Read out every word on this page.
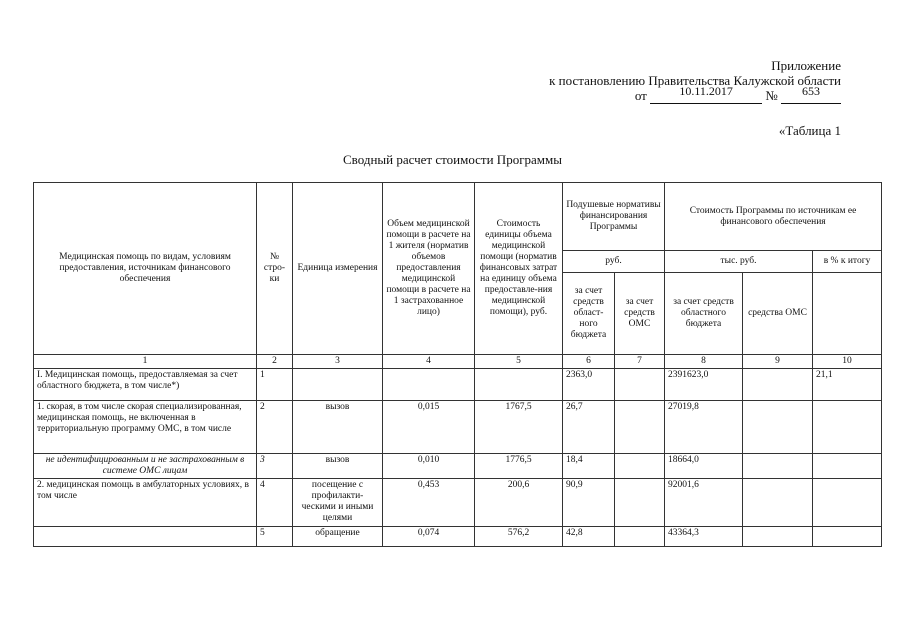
Приложение
к постановлению Правительства Калужской области
от	10.11.2017	№	653
«Таблица 1
Сводный расчет стоимости Программы
Медицинская помощь по видам, условиям предоставления, источникам финансового обеспечения	№ стро-ки	Единица измерения	Объем медицинской помощи в расчете на 1 жителя (норматив объемов предоставления медицинской помощи в расчете на 1 застрахованное лицо)	Стоимость единицы объема медицинской помощи (норматив финансовых затрат на единицу объема предоставле-ния медицинской помощи), руб.	Подушевые нормативы финансирования Программы		Стоимость Программы по источникам ее финансового обеспечения		
					руб.		тыс. руб.		в % к итогу
					за счет средств област-ного бюджета	за счет средств ОМС	за счет средств областного бюджета	средства ОМС	
1	2	3	4	5	6	7	8	9	10
I. Медицинская помощь, предоставляемая за счет областного бюджета, в том числе*)	1				2363,0		2391623,0		21,1
1. скорая, в том числе скорая специализированная, медицинская помощь, не включенная в территориальную программу ОМС, в том числе	2	вызов	0,015	1767,5	26,7		27019,8		
не идентифицированным и не застрахованным в системе ОМС лицам	3	вызов	0,010	1776,5	18,4		18664,0		
2. медицинская помощь в амбулаторных условиях, в том числе	4	посещение с профилакти-ческими и иными целями	0,453	200,6	90,9		92001,6		
	5	обращение	0,074	576,2	42,8		43364,3		
